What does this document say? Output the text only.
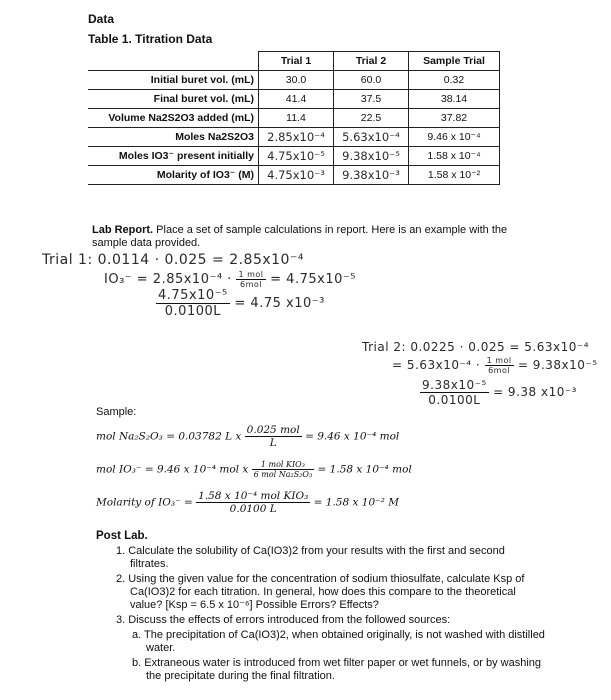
Data
Table 1. Titration Data
	Trial 1	Trial 2	Sample Trial
Initial buret vol. (mL)	30.0	60.0	0.32
Final buret vol. (mL)	41.4	37.5	38.14
Volume Na2S2O3 added (mL)	11.4	22.5	37.82
Moles Na2S2O3	2.85x10⁻⁴	5.63x10⁻⁴	9.46 x 10⁻⁴
Moles IO3⁻ present initially	4.75x10⁻⁵	9.38x10⁻⁵	1.58 x 10⁻⁴
Molarity of IO3⁻ (M)	4.75x10⁻³	9.38x10⁻³	1.58 x 10⁻²
Lab Report. Place a set of sample calculations in report. Here is an example with the sample data provided.
Trial 1: 0.0114 · 0.025 = 2.85x10⁻⁴
$IO_3^- = 2.85x10^{-4} \cdot \frac{\text{1 mol}}{\text{6mol}} = 4.75x10^{-5}$
$\frac{\text{4.75x10⁻⁵}}{0.0100L} = 4.75$ x10⁻³
Trial 2: 0.0225 · 0.025 = 5.63x10⁻⁴
= $5.63x10^{-4} \cdot \frac{\text{1 mol}}{\text{6mol}} = 9.38x10^{-5}$
$\frac{\text{9.38x10⁻⁵}}{0.0100L} = 9.38$ x10⁻³
Sample:
mol Na₂S₂O₃ = 0.03782 L x $\frac{\text{0.025 mol}}{L} = 9.46$ x 10⁻⁴ mol
mol IO₃⁻ = 9.46 x 10⁻⁴ mol x $\frac{\text{1 mol KIO₃}}{\text{6 mol Na₂S₂O₃}} = 1.58$ x 10⁻⁴ mol
Molarity of $IO_3^- = \frac{\text{1.58 x 10⁻⁴ mol KIO₃}}{0.0100 L} = 1.58$ x 10⁻² M
Post Lab.
1. Calculate the solubility of Ca(IO3)2 from your results with the first and second filtrates.
2. Using the given value for the concentration of sodium thiosulfate, calculate Ksp of Ca(IO3)2 for each titration. In general, how does this compare to the theoretical value? [Ksp = 6.5 x 10⁻⁶] Possible Errors? Effects?
3. Discuss the effects of errors introduced from the followed sources:
a. The precipitation of Ca(IO3)2, when obtained originally, is not washed with distilled water.
b. Extraneous water is introduced from wet filter paper or wet funnels, or by washing the precipitate during the final filtration.
